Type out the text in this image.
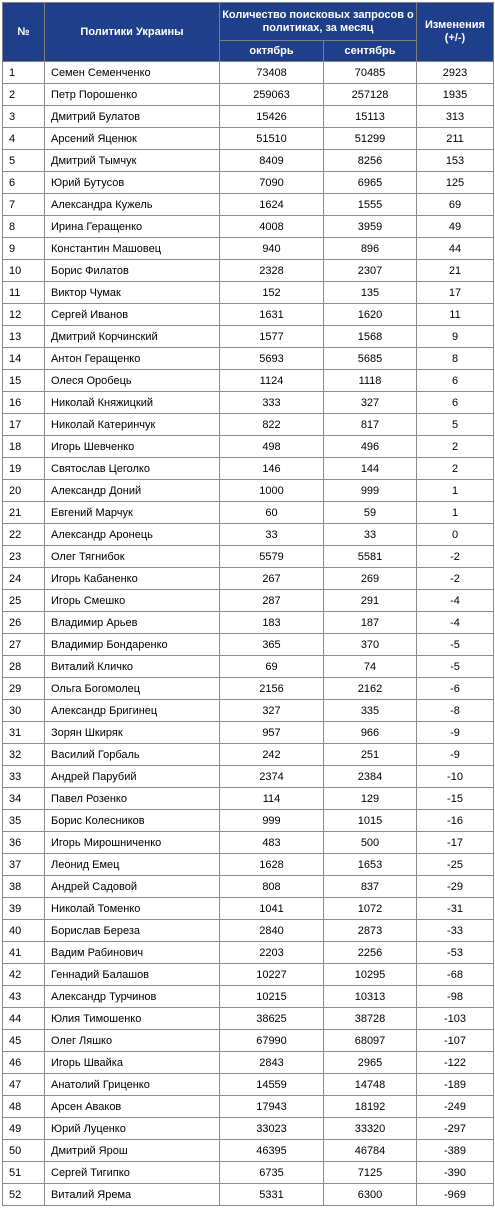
№	Политики Украины	Количество поисковых запросов о политиках, за месяц		Изменения (+/-)
		октябрь	сентябрь	
1	Семен Семенченко	73408	70485	2923
2	Петр Порошенко	259063	257128	1935
3	Дмитрий Булатов	15426	15113	313
4	Арсений Яценюк	51510	51299	211
5	Дмитрий Тымчук	8409	8256	153
6	Юрий Бутусов	7090	6965	125
7	Александра Кужель	1624	1555	69
8	Ирина Геращенко	4008	3959	49
9	Константин Машовец	940	896	44
10	Борис Филатов	2328	2307	21
11	Виктор Чумак	152	135	17
12	Сергей Иванов	1631	1620	11
13	Дмитрий Корчинский	1577	1568	9
14	Антон Геращенко	5693	5685	8
15	Олеся Оробець	1124	1118	6
16	Николай Княжицкий	333	327	6
17	Николай Катеринчук	822	817	5
18	Игорь Шевченко	498	496	2
19	Святослав Цеголко	146	144	2
20	Александр Доний	1000	999	1
21	Евгений Марчук	60	59	1
22	Александр Аронець	33	33	0
23	Олег Тягнибок	5579	5581	-2
24	Игорь Кабаненко	267	269	-2
25	Игорь Смешко	287	291	-4
26	Владимир Арьев	183	187	-4
27	Владимир Бондаренко	365	370	-5
28	Виталий Кличко	69	74	-5
29	Ольга Богомолец	2156	2162	-6
30	Александр Бригинец	327	335	-8
31	Зорян Шкиряк	957	966	-9
32	Василий Горбаль	242	251	-9
33	Андрей Парубий	2374	2384	-10
34	Павел Розенко	114	129	-15
35	Борис Колесников	999	1015	-16
36	Игорь Мирошниченко	483	500	-17
37	Леонид Емец	1628	1653	-25
38	Андрей Садовой	808	837	-29
39	Николай Томенко	1041	1072	-31
40	Борислав Береза	2840	2873	-33
41	Вадим Рабинович	2203	2256	-53
42	Геннадий Балашов	10227	10295	-68
43	Александр Турчинов	10215	10313	-98
44	Юлия Тимошенко	38625	38728	-103
45	Олег Ляшко	67990	68097	-107
46	Игорь Швайка	2843	2965	-122
47	Анатолий Гриценко	14559	14748	-189
48	Арсен Аваков	17943	18192	-249
49	Юрий Луценко	33023	33320	-297
50	Дмитрий Ярош	46395	46784	-389
51	Сергей Тигипко	6735	7125	-390
52	Виталий Ярема	5331	6300	-969
